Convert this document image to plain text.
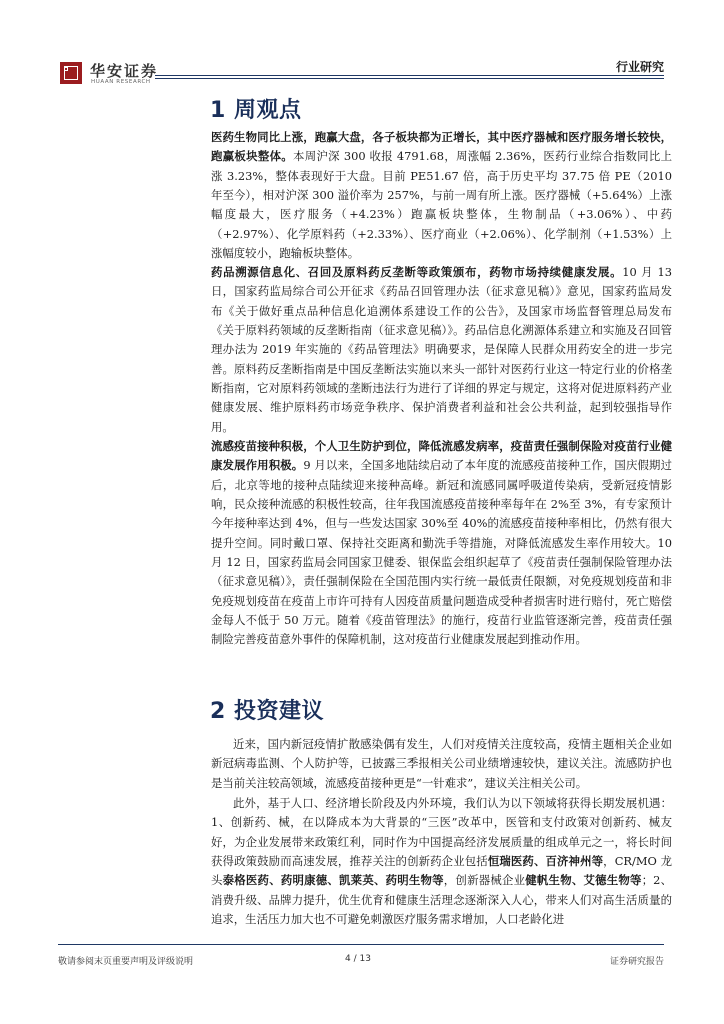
华安证券
HUAAN RESEARCH
行业研究
1 周观点

医药生物同比上涨，跑赢大盘，各子板块都为正增长，其中医疗器械和医疗服务增长较快，跑赢板块整体。本周沪深 300 收报 4791.68，周涨幅 2.36%，医药行业综合指数同比上涨 3.23%，整体表现好于大盘。目前 PE51.67 倍，高于历史平均 37.75 倍 PE（2010 年至今），相对沪深 300 溢价率为 257%，与前一周有所上涨。医疗器械（+5.64%）上涨幅度最大，医疗服务（+4.23%）跑赢板块整体，生物制品（+3.06%）、中药（+2.97%）、化学原料药（+2.33%）、医疗商业（+2.06%）、化学制剂（+1.53%）上涨幅度较小，跑输板块整体。

药品溯源信息化、召回及原料药反垄断等政策颁布，药物市场持续健康发展。10 月 13 日，国家药监局综合司公开征求《药品召回管理办法（征求意见稿）》意见，国家药监局发布《关于做好重点品种信息化追溯体系建设工作的公告》，及国家市场监督管理总局发布《关于原料药领域的反垄断指南（征求意见稿）》。药品信息化溯源体系建立和实施及召回管理办法为 2019 年实施的《药品管理法》明确要求，是保障人民群众用药安全的进一步完善。原料药反垄断指南是中国反垄断法实施以来头一部针对医药行业这一特定行业的价格垄断指南，它对原料药领域的垄断违法行为进行了详细的界定与规定，这将对促进原料药产业健康发展、维护原料药市场竞争秩序、保护消费者利益和社会公共利益，起到较强指导作用。

流感疫苗接种积极，个人卫生防护到位，降低流感发病率，疫苗责任强制保险对疫苗行业健康发展作用积极。9 月以来，全国多地陆续启动了本年度的流感疫苗接种工作，国庆假期过后，北京等地的接种点陆续迎来接种高峰。新冠和流感同属呼吸道传染病，受新冠疫情影响，民众接种流感的积极性较高，往年我国流感疫苗接种率每年在 2%至 3%，有专家预计今年接种率达到 4%，但与一些发达国家 30%至 40%的流感疫苗接种率相比，仍然有很大提升空间。同时戴口罩、保持社交距离和勤洗手等措施，对降低流感发生率作用较大。10 月 12 日，国家药监局会同国家卫健委、银保监会组织起草了《疫苗责任强制保险管理办法（征求意见稿）》，责任强制保险在全国范围内实行统一最低责任限额，对免疫规划疫苗和非免疫规划疫苗在疫苗上市许可持有人因疫苗质量问题造成受种者损害时进行赔付，死亡赔偿金每人不低于 50 万元。随着《疫苗管理法》的施行，疫苗行业监管逐渐完善，疫苗责任强制险完善疫苗意外事件的保障机制，这对疫苗行业健康发展起到推动作用。

2 投资建议

近来，国内新冠疫情扩散感染偶有发生，人们对疫情关注度较高，疫情主题相关企业如新冠病毒监测、个人防护等，已披露三季报相关公司业绩增速较快，建议关注。流感防护也是当前关注较高领域，流感疫苗接种更是“一针难求”，建议关注相关公司。

此外，基于人口、经济增长阶段及内外环境，我们认为以下领域将获得长期发展机遇：1、创新药、械，在以降成本为大背景的“三医”改革中，医管和支付政策对创新药、械友好，为企业发展带来政策红利，同时作为中国提高经济发展质量的组成单元之一，将长时间获得政策鼓励而高速发展，推荐关注的创新药企业包括恒瑞医药、百济神州等，CR/MO 龙头泰格医药、药明康德、凯莱英、药明生物等，创新器械企业健帆生物、艾德生物等；2、消费升级、品牌力提升，优生优育和健康生活理念逐渐深入人心，带来人们对高生活质量的追求，生活压力加大也不可避免刺激医疗服务需求增加，人口老龄化进

敬请参阅末页重要声明及评级说明	4 / 13	证券研究报告
